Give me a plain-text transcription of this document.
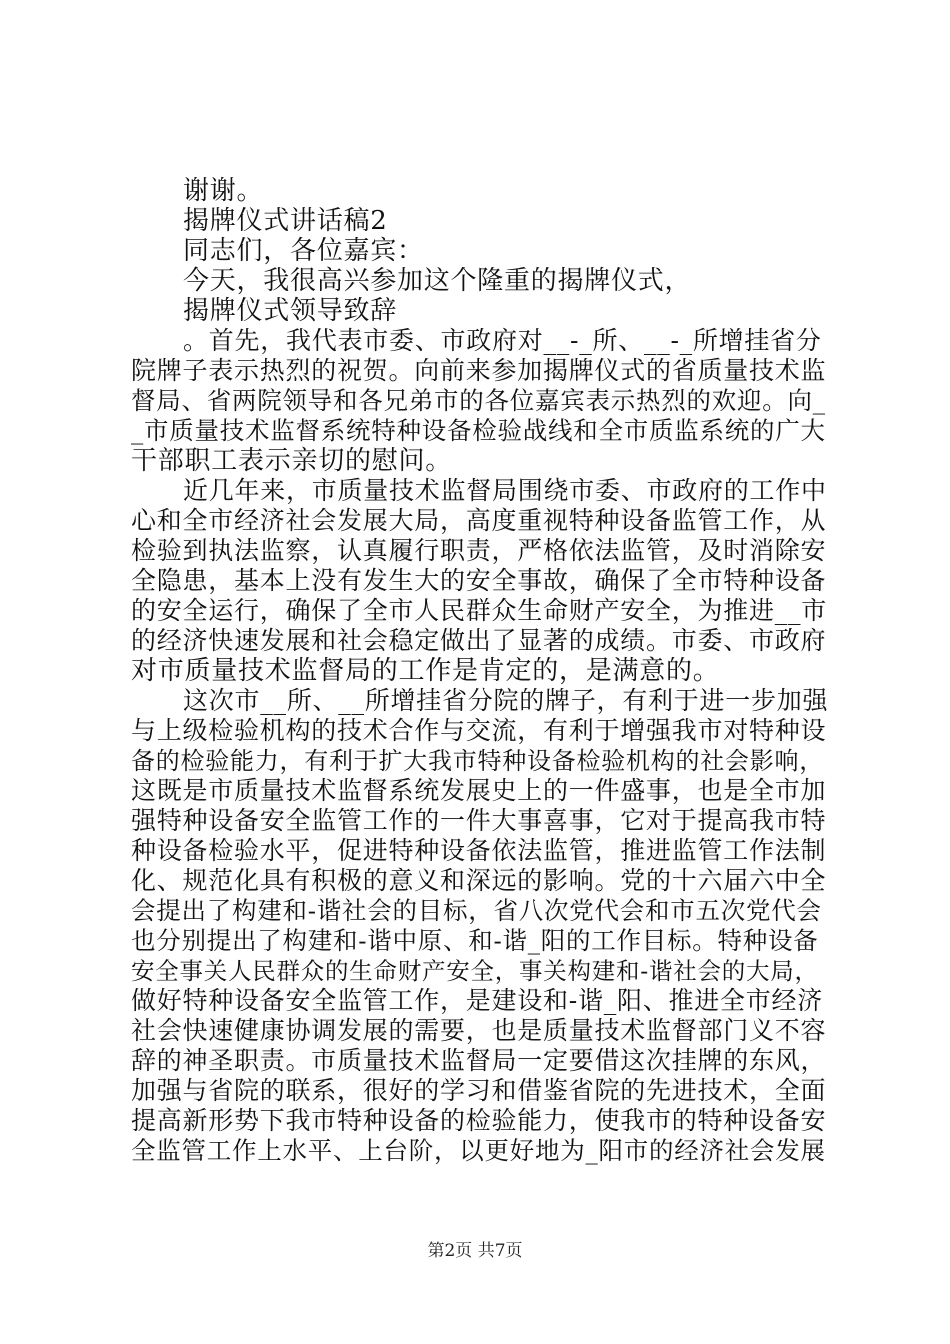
谢谢。
揭牌仪式讲话稿2
同志们，各位嘉宾：
今天，我很高兴参加这个隆重的揭牌仪式，
揭牌仪式领导致辞
。首先，我代表市委、市政府对__-_所、__-_所增挂省分
院牌子表示热烈的祝贺。向前来参加揭牌仪式的省质量技术监
督局、省两院领导和各兄弟市的各位嘉宾表示热烈的欢迎。向_
_市质量技术监督系统特种设备检验战线和全市质监系统的广大
干部职工表示亲切的慰问。
近几年来，市质量技术监督局围绕市委、市政府的工作中
心和全市经济社会发展大局，高度重视特种设备监管工作，从
检验到执法监察，认真履行职责，严格依法监管，及时消除安
全隐患，基本上没有发生大的安全事故，确保了全市特种设备
的安全运行，确保了全市人民群众生命财产安全，为推进__市
的经济快速发展和社会稳定做出了显著的成绩。市委、市政府
对市质量技术监督局的工作是肯定的，是满意的。
这次市__所、__所增挂省分院的牌子，有利于进一步加强
与上级检验机构的技术合作与交流，有利于增强我市对特种设
备的检验能力，有利于扩大我市特种设备检验机构的社会影响，
这既是市质量技术监督系统发展史上的一件盛事，也是全市加
强特种设备安全监管工作的一件大事喜事，它对于提高我市特
种设备检验水平，促进特种设备依法监管，推进监管工作法制
化、规范化具有积极的意义和深远的影响。党的十六届六中全
会提出了构建和-谐社会的目标，省八次党代会和市五次党代会
也分别提出了构建和-谐中原、和-谐_阳的工作目标。特种设备
安全事关人民群众的生命财产安全，事关构建和-谐社会的大局，
做好特种设备安全监管工作，是建设和-谐_阳、推进全市经济
社会快速健康协调发展的需要，也是质量技术监督部门义不容
辞的神圣职责。市质量技术监督局一定要借这次挂牌的东风，
加强与省院的联系，很好的学习和借鉴省院的先进技术，全面
提高新形势下我市特种设备的检验能力，使我市的特种设备安
全监管工作上水平、上台阶，以更好地为_阳市的经济社会发展
第2页 共7页
